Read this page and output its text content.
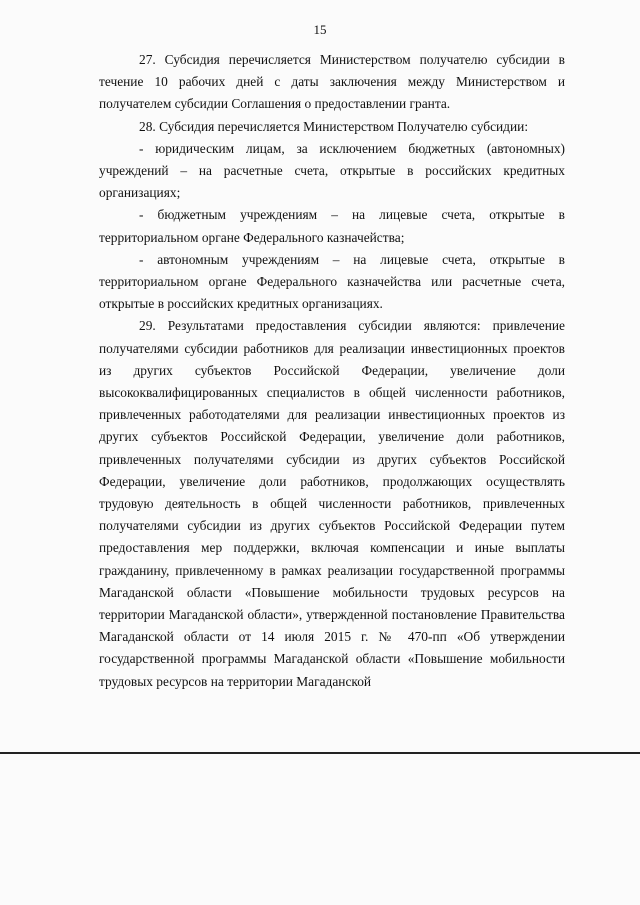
15

27. Субсидия перечисляется Министерством получателю субсидии в течение 10 рабочих дней с даты заключения между Министерством и получателем субсидии Соглашения о предоставлении гранта.

28. Субсидия перечисляется Министерством Получателю субсидии:

- юридическим лицам, за исключением бюджетных (автономных) учреждений – на расчетные счета, открытые в российских кредитных организациях;

- бюджетным учреждениям – на лицевые счета, открытые в территориальном органе Федерального казначейства;

- автономным учреждениям – на лицевые счета, открытые в территориальном органе Федерального казначейства или расчетные счета, открытые в российских кредитных организациях.

29. Результатами предоставления субсидии являются: привлечение получателями субсидии работников для реализации инвестиционных проектов из других субъектов Российской Федерации, увеличение доли высококвалифицированных специалистов в общей численности работников, привлеченных работодателями для реализации инвестиционных проектов из других субъектов Российской Федерации, увеличение доли работников, привлеченных получателями субсидии из других субъектов Российской Федерации, увеличение доли работников, продолжающих осуществлять трудовую деятельность в общей численности работников, привлеченных получателями субсидии из других субъектов Российской Федерации путем предоставления мер поддержки, включая компенсации и иные выплаты гражданину, привлеченному в рамках реализации государственной программы Магаданской области «Повышение мобильности трудовых ресурсов на территории Магаданской области», утвержденной постановление Правительства Магаданской области от 14 июля 2015 г. № 470-пп «Об утверждении государственной программы Магаданской области «Повышение мобильности трудовых ресурсов на территории Магаданской
